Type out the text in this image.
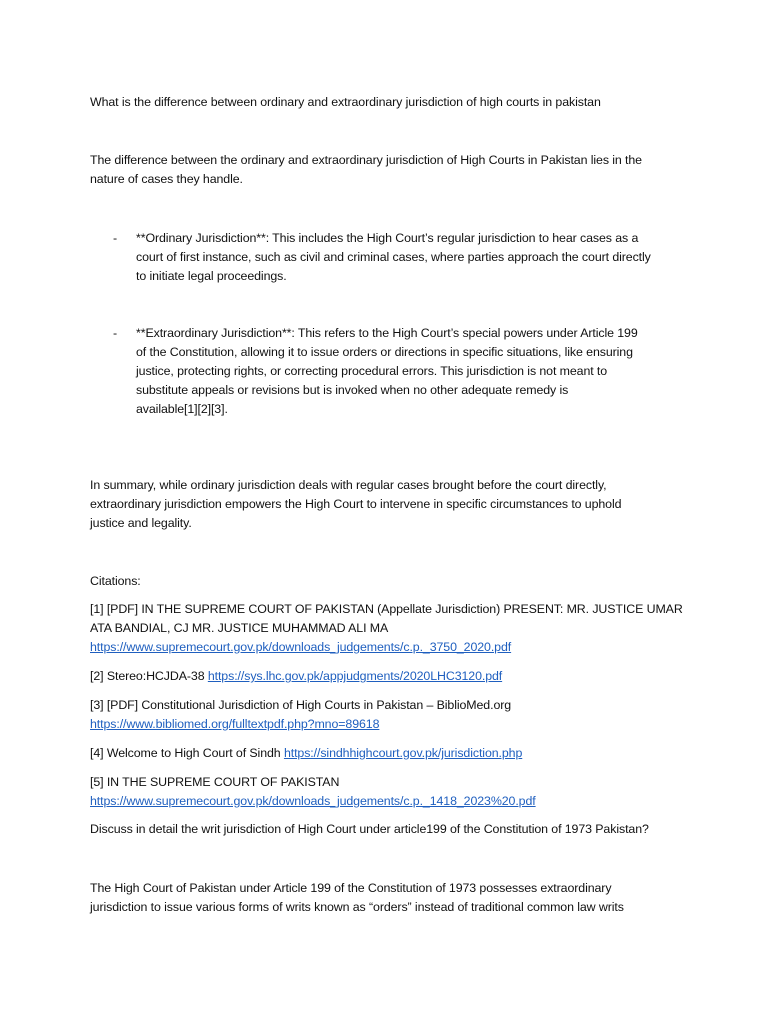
What is the difference between ordinary and extraordinary jurisdiction of high courts in pakistan

The difference between the ordinary and extraordinary jurisdiction of High Courts in Pakistan lies in the
nature of cases they handle.

- **Ordinary Jurisdiction**: This includes the High Court’s regular jurisdiction to hear cases as a
court of first instance, such as civil and criminal cases, where parties approach the court directly
to initiate legal proceedings.

- **Extraordinary Jurisdiction**: This refers to the High Court’s special powers under Article 199
of the Constitution, allowing it to issue orders or directions in specific situations, like ensuring
justice, protecting rights, or correcting procedural errors. This jurisdiction is not meant to
substitute appeals or revisions but is invoked when no other adequate remedy is
available[1][2][3].

In summary, while ordinary jurisdiction deals with regular cases brought before the court directly,
extraordinary jurisdiction empowers the High Court to intervene in specific circumstances to uphold
justice and legality.

Citations:

[1] [PDF] IN THE SUPREME COURT OF PAKISTAN (Appellate Jurisdiction) PRESENT: MR. JUSTICE UMAR
ATA BANDIAL, CJ MR. JUSTICE MUHAMMAD ALI MA
https://www.supremecourt.gov.pk/downloads_judgements/c.p._3750_2020.pdf

[2] Stereo:HCJDA-38 https://sys.lhc.gov.pk/appjudgments/2020LHC3120.pdf

[3] [PDF] Constitutional Jurisdiction of High Courts in Pakistan – BiblioMed.org
https://www.bibliomed.org/fulltextpdf.php?mno=89618

[4] Welcome to High Court of Sindh https://sindhhighcourt.gov.pk/jurisdiction.php

[5] IN THE SUPREME COURT OF PAKISTAN
https://www.supremecourt.gov.pk/downloads_judgements/c.p._1418_2023%20.pdf

Discuss in detail the writ jurisdiction of High Court under article199 of the Constitution of 1973 Pakistan?

The High Court of Pakistan under Article 199 of the Constitution of 1973 possesses extraordinary
jurisdiction to issue various forms of writs known as “orders” instead of traditional common law writs
